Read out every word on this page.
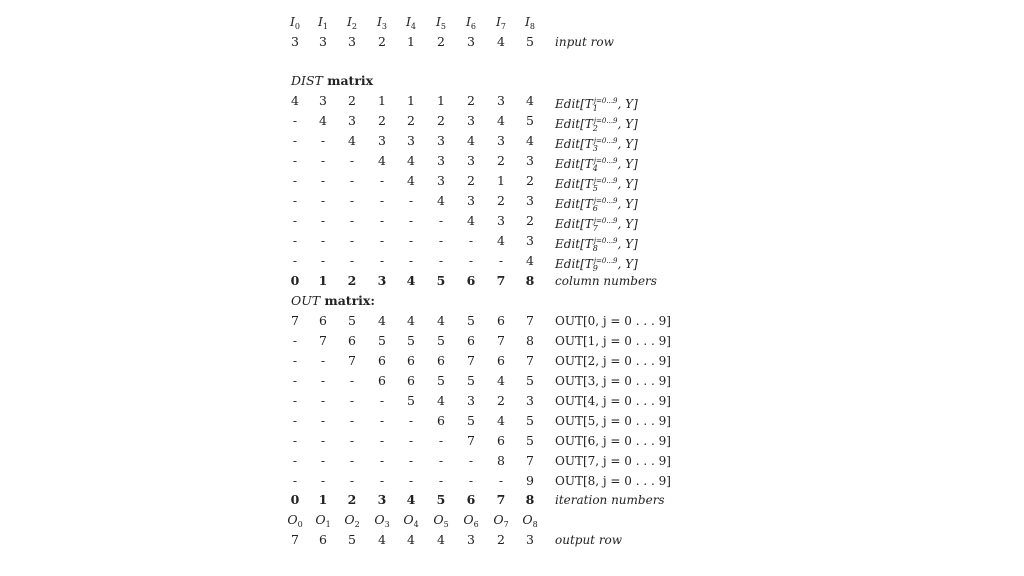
$I_0$	$I_1$	$I_2$	$I_3$	$I_4$	$I_5$	$I_6$	$I_7$	$I_8$
3	3	3	2	1	2	3	4	5	input row
DIST matrix
4	3	2	1	1	1	2	3	4	$Edit[T_1^{j=0...9}$, Y]
-	4	3	2	2	2	3	4	5	$Edit[T_2^{j=0...9}$, Y]
-	-	4	3	3	3	4	3	4	$Edit[T_3^{j=0...9}$, Y]
-	-	-	4	4	3	3	2	3	$Edit[T_4^{j=0...9}$, Y]
-	-	-	-	4	3	2	1	2	$Edit[T_5^{j=0...9}$, Y]
-	-	-	-	-	4	3	2	3	$Edit[T_6^{j=0...9}$, Y]
-	-	-	-	-	-	4	3	2	$Edit[T_7^{j=0...9}$, Y]
-	-	-	-	-	-	-	4	3	$Edit[T_8^{j=0...9}$, Y]
-	-	-	-	-	-	-	-	4	$Edit[T_9^{j=0...9}$, Y]
0	1	2	3	4	5	6	7	8	column numbers
OUT matrix:
7	6	5	4	4	4	5	6	7	OUT[0, j = 0 . . . 9]
-	7	6	5	5	5	6	7	8	OUT[1, j = 0 . . . 9]
-	-	7	6	6	6	7	6	7	OUT[2, j = 0 . . . 9]
-	-	-	6	6	5	5	4	5	OUT[3, j = 0 . . . 9]
-	-	-	-	5	4	3	2	3	OUT[4, j = 0 . . . 9]
-	-	-	-	-	6	5	4	5	OUT[5, j = 0 . . . 9]
-	-	-	-	-	-	7	6	5	OUT[6, j = 0 . . . 9]
-	-	-	-	-	-	-	8	7	OUT[7, j = 0 . . . 9]
-	-	-	-	-	-	-	-	9	OUT[8, j = 0 . . . 9]
0	1	2	3	4	5	6	7	8	iteration numbers
$O_0$ $O_1$ $O_2$ $O_3$ $O_4$ $O_5$ $O_6$ $O_7$ $O_8$
7	6	5	4	4	4	3	2	3	output row
